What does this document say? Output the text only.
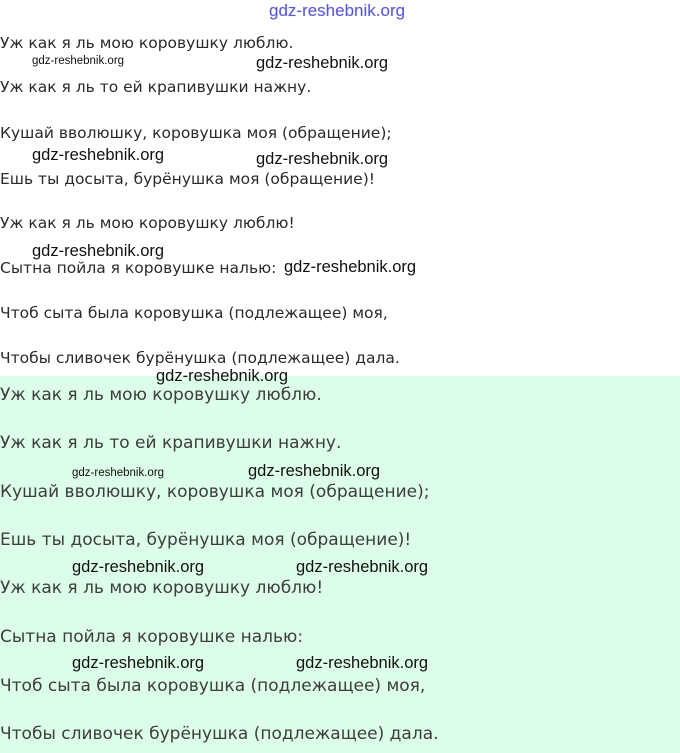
gdz-reshebnik.org
Уж как я ль мою коровушку люблю.
Уж как я ль то ей крапивушки нажну.
Кушай вволюшку, коровушка моя (обращение);
Ешь ты досыта, бурёнушка моя (обращение)!
Уж как я ль мою коровушку люблю!
Сытна пойла я коровушке налью:
Чтоб сыта была коровушка (подлежащее) моя,
Чтобы сливочек бурёнушка (подлежащее) дала.
Уж как я ль мою коровушку люблю.
Уж как я ль то ей крапивушки нажну.
Кушай вволюшку, коровушка моя (обращение);
Ешь ты досыта, бурёнушка моя (обращение)!
Уж как я ль мою коровушку люблю!
Сытна пойла я коровушке налью:
Чтоб сыта была коровушка (подлежащее) моя,
Чтобы сливочек бурёнушка (подлежащее) дала.
gdz-reshebnik.org	gdz-reshebnik.org
gdz-reshebnik.org	gdz-reshebnik.org
gdz-reshebnik.org
gdz-reshebnik.org
gdz-reshebnik.org
gdz-reshebnik.org	gdz-reshebnik.org
gdz-reshebnik.org	gdz-reshebnik.org
gdz-reshebnik.org	gdz-reshebnik.org
